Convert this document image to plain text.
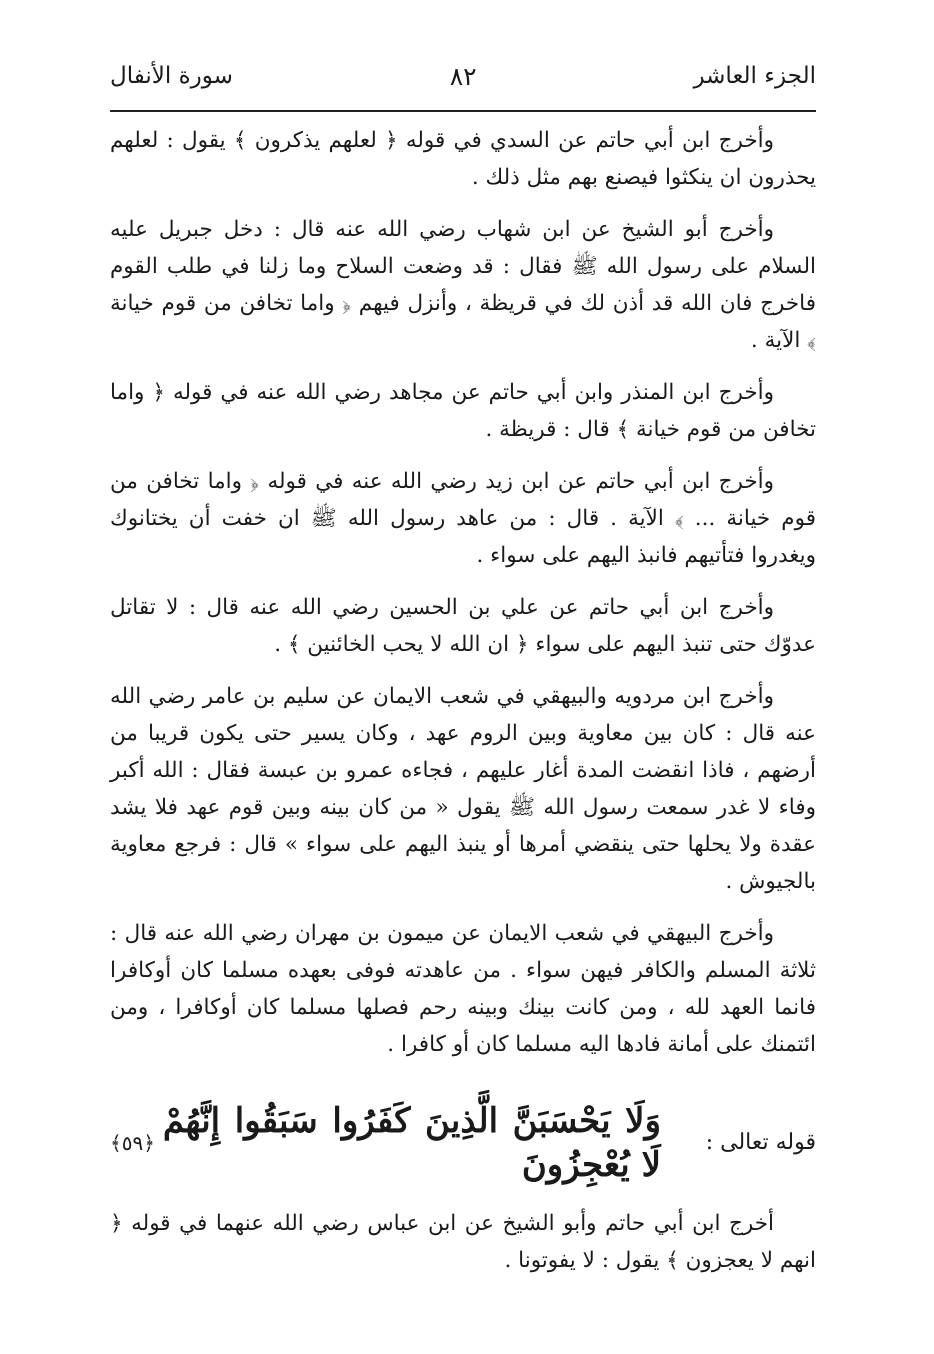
الجزء العاشر
٨٢
سورة الأنفال

وأخرج ابن أبي حاتم عن السدي في قوله ﴿ لعلهم يذكرون ﴾ يقول : لعلهم يحذرون ان ينكثوا فيصنع بهم مثل ذلك .

وأخرج أبو الشيخ عن ابن شهاب رضي الله عنه قال : دخل جبريل عليه السلام على رسول الله ﷺ فقال : قد وضعت السلاح وما زلنا في طلب القوم فاخرج فان الله قد أذن لك في قريظة ، وأنزل فيهم ﴿ واما تخافن من قوم خيانة ﴾ الآية .

وأخرج ابن المنذر وابن أبي حاتم عن مجاهد رضي الله عنه في قوله ﴿ واما تخافن من قوم خيانة ﴾ قال : قريظة .

وأخرج ابن أبي حاتم عن ابن زيد رضي الله عنه في قوله ﴿ واما تخافن من قوم خيانة ... ﴾ الآية . قال : من عاهد رسول الله ﷺ ان خفت أن يختانوك ويغدروا فتأتيهم فانبذ اليهم على سواء .

وأخرج ابن أبي حاتم عن علي بن الحسين رضي الله عنه قال : لا تقاتل عدوّك حتى تنبذ اليهم على سواء ﴿ ان الله لا يحب الخائنين ﴾ .

وأخرج ابن مردويه والبيهقي في شعب الايمان عن سليم بن عامر رضي الله عنه قال : كان بين معاوية وبين الروم عهد ، وكان يسير حتى يكون قريبا من أرضهم ، فاذا انقضت المدة أغار عليهم ، فجاءه عمرو بن عبسة فقال : الله أكبر وفاء لا غدر سمعت رسول الله ﷺ يقول « من كان بينه وبين قوم عهد فلا يشد عقدة ولا يحلها حتى ينقضي أمرها أو ينبذ اليهم على سواء » قال : فرجع معاوية بالجيوش .

وأخرج البيهقي في شعب الايمان عن ميمون بن مهران رضي الله عنه قال : ثلاثة المسلم والكافر فيهن سواء . من عاهدته فوفى بعهده مسلما كان أوكافرا فانما العهد لله ، ومن كانت بينك وبينه رحم فصلها مسلما كان أوكافرا ، ومن ائتمنك على أمانة فادها اليه مسلما كان أو كافرا .

قوله تعالى :
وَلَا يَحْسَبَنَّ الَّذِينَ كَفَرُوا سَبَقُوا إِنَّهُمْ لَا يُعْجِزُونَ
﴿٥٩﴾

أخرج ابن أبي حاتم وأبو الشيخ عن ابن عباس رضي الله عنهما في قوله ﴿ انهم لا يعجزون ﴾ يقول : لا يفوتونا .
